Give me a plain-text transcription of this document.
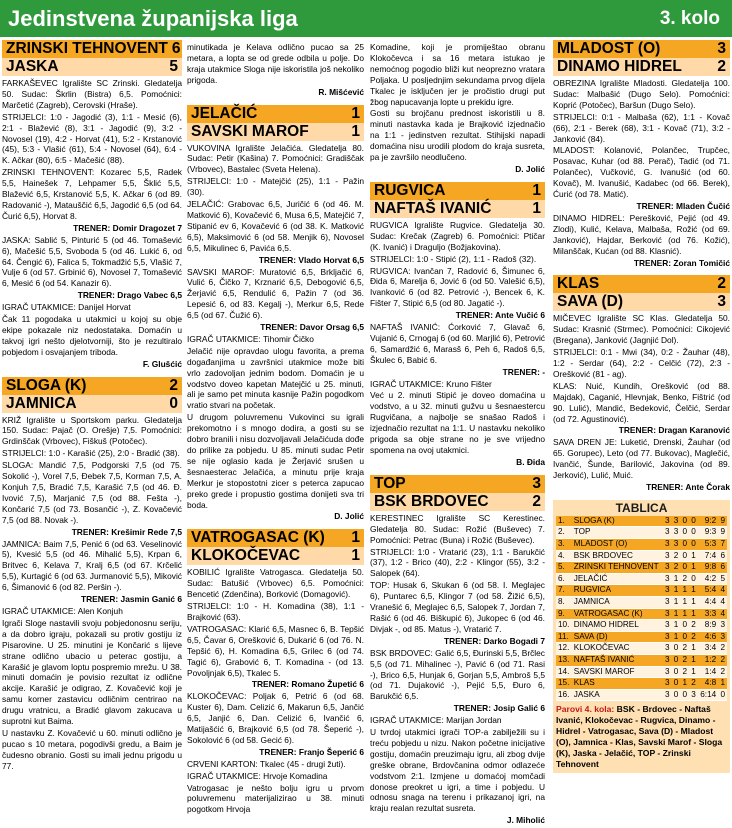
Jedinstvena županijska liga	3. kolo
ZRINSKI TEHNOVENT 6
JASKA	5

FARKAŠEVEC Igralište SC Zrinski. Gledatelja 50. Sudac: Škrlin (Bistra) 6,5. Pomoćnici: Marčetić (Zagreb), Cerovski (Hraše).

STRIJELCI: 1:0 - Jagodić (3), 1:1 - Mesić (6), 2:1 - Blažević (8), 3:1 - Jagodić (9), 3:2 - Novosel (19), 4:2 - Horvat (41), 5:2 - Krstanović (45), 5:3 - Vlašić (61), 5:4 - Novosel (64), 6:4 - K. Ačkar (80), 6:5 - Mačešić (88).

ZRINSKI TEHNOVENT: Kozarec 5,5, Radek 5,5, Hainešek 7, Lehpamer 5,5, Šklić 5,5, Blažević 6,5, Krstanović 5,5, K. Ačkar 6 (od 89. Radovanić -), Matauščić 6,5, Jagodić 6,5 (od 64. Čurić 6,5), Horvat 8.

TRENER: Domir Dragozet 7

JASKA: Sablić 5, Pinturić 5 (od 46. Tomašević 6), Mačešić 5,5, Svoboda 5 (od 46. Lukić 6, od 64. Čengić 6), Falica 5, Tokmadžić 5,5, Vlašić 7, Vulje 6 (od 57. Grbinić 6), Novosel 7, Tomašević 6, Mesić 6 (od 54. Kanazir 6).

TRENER: Drago Vabec 6,5

IGRAČ UTAKMICE: Danijel Horvat

Čak 11 pogodaka u utakmici u kojoj su obje ekipe pokazale niz nedostataka. Domaćin u takvoj igri nešto djelotvorniji, što je rezultiralo pobjedom i osvajanjem triboda.

F. Glušćić

SLOGA (K)	2
JAMNICA	0

KRIŽ Igralište u Sportskom parku. Gledatelja 150. Sudac: Pajač (O. Orešje) 7,5. Pomoćnici: Grdinščak (Vrbovec), Fiškuš (Potočec).

STRIJELCI: 1:0 - Karašić (25), 2:0 - Bradić (38).

SLOGA: Mandić 7,5, Podgorski 7,5 (od 75. Sokolić -), Vorel 7,5, Đebek 7,5, Korman 7,5, A. Konjuh 7,5, Bradić 7,5, Karašić 7,5 (od 46. Đ. Ivović 7,5), Marjanić 7,5 (od 88. Fešta -), Končarić 7,5 (od 73. Bosančić -), Z. Kovačević 7,5 (od 88. Novak -).

TRENER: Krešimir Rede 7,5

JAMNICA: Baim 7,5, Penić 6 (od 63. Veselinović 5), Kvesić 5,5 (od 46. Mihalić 5,5), Krpan 6, Britvec 6, Kelava 7, Kralj 6,5 (od 67. Krčelić 5,5), Kurtagić 6 (od 63. Jurmanović 5,5), Miković 6, Šimanović 6 (od 82. Peršin -).

TRENER: Jasmin Ganić 6

IGRAČ UTAKMICE: Alen Konjuh

Igrači Sloge nastavili svoju pobjedonosnu seriju, a da dobro igraju, pokazali su protiv gostiju iz Pisarovine. U 25. minutini je Končarić s lijeve strane odlično ubacio u peterac gostiju, a Karašić je glavom loptu pospremio mrežu. U 38. minuti domaćin je povisio rezultat iz odlične akcije. Karašić je odigrao, Z. Kovačević koji je samu korner zastavicu odličnim centrirao na drugu vratnicu, a Bradić glavom zakucava u suprotni kut Baima.

U nastavku Z. Kovačević u 60. minuti odlično je pucao s 10 metara, pogodivši gredu, a Baim je čudesno obranio. Gosti su imali jednu prigodu u 77.

minutikada je Kelava odlično pucao sa 25 metara, a lopta se od grede odbila u polje. Do kraja utakmice Sloga nije iskoristila još nekoliko prigoda.

R. Mišćević

JELAČIĆ	1
SAVSKI MAROF	1

VUKOVINA Igralište Jelačića. Gledatelja 80. Sudac: Petir (Kašina) 7. Pomoćnici: Gradiščak (Vrbovec), Bastalec (Sveta Helena).

STRIJELCI: 1:0 - Matejčić (25), 1:1 - Pažin (30).

JELAČIĆ: Grabovac 6,5, Juričić 6 (od 46. M. Matković 6), Kovačević 6, Musa 6,5, Matejčić 7, Stipanić ev 6, Kovačević 6 (od 38. K. Matković 6,5), Maksimović 6 (od 58. Menjik 6), Novosel 6,5, Mikulinec 6, Pavića 6,5.

TRENER: Vlado Horvat 6,5

SAVSKI MAROF: Muratović 6,5, Brkljačić 6, Vulić 6, Čičko 7, Krznarić 6,5, Debogović 6,5, Žerjavić 6,5, Rendulić 6, Pažin 7 (od 36. Lepesić 6, od 83. Kegalj -), Merkur 6,5, Rede 6,5 (od 67. Čužić 6).

TRENER: Davor Orsag 6,5

IGRAČ UTAKMICE: Tihomir Čičko

Jelačić nije opravdao ulogu favorita, a prema događanjima u završnici utakmice može biti vrlo zadovoljan jednim bodom. Domaćin je u vodstvo doveo kapetan Matejčić u 25. minuti, ali je samo pet minuta kasnije Pažin pogodkom vratio stvari na početak.

U drugom poluvremenu Vukovinci su igrali prekomotno i s mnogo dodira, a gosti su se dobro branili i nisu dozvoljavali Jelačićuda dođe do prilike za pobjedu. U 85. minuti sudac Petir se nije oglasio kada je Žerjavić srušen u šesnaesterac Jelačića, a minutu prije kraja Merkur je stopostotni zicer s peterca zapucao preko grede i propustio gostima donijeti sva tri boda.

D. Jolić

VATROGASAC (K) 1
KLOKOČEVAC	1

KOBILIĆ Igralište Vatrogasca. Gledatelja 50. Sudac: Batušić (Vrbovec) 6,5. Pomoćnici: Bencetić (Zdenčina), Borković (Domagović).

STRIJELCI: 1:0 - H. Komadina (38), 1:1 - Brajković (63).

VATROGASAC: Klarić 6,5, Masnec 6, B. Tepšić 6,5, Čavar 6, Orešković 6, Dukarić 6 (od 76. N. Tepšić 6), H. Komadina 6,5, Grilec 6 (od 74. Tagić 6), Grabović 6, T. Komadina - (od 13. Povoljnjak 6,5), Tkalec 5.

TRENER: Romano Župetić 6

KLOKOČEVAC: Poljak 6, Petrić 6 (od 68. Kuster 6), Dam. Celizić 6, Makarun 6,5, Jančić 6,5, Janjić 6, Dan. Celizić 6, Ivančić 6, Matijašćić 6, Brajković 6,5 (od 78. Šeperić -), Sokolović 6 (od 58. Gecić 6).

TRENER: Franjo Šeperić 6

CRVENI KARTON: Tkalec (45 - drugi žuti).

IGRAČ UTAKMICE: Hrvoje Komadina

Vatrogasac je nešto bolju igru u prvom poluvremenu materijalizirao u 38. minuti pogotkom Hrvoja

Komadine, koji je promiještao obranu Klokočevca i sa 16 metara istukao je nemoćnog pogodio bliži kut neoprezno vratara Poljaka. U posljednjim sekundama prvog dijela Tkalec je isključen jer je pročistio drugi put žbog napucavanja lopte u prekidu igre.

Gosti su brojčanu prednost iskoristili u 8. minuti nastavka kada je Brajković izjednačio na 1:1 - jedinstven rezultat. Stihijski napadi domaćina nisu urodili plodom do kraja susreta, pa je završilo neodlučeno.

D. Jolić

RUGVICA	1
NAFTAŠ IVANIĆ	1

RUGVICA Igralište Rugvice. Gledatelja 30. Sudac: Krečak (Zagreb) 6. Pomoćnici: Ptičar (K. Ivanić) i Draguljo (Božjakovina).

STRIJELCI: 1:0 - Stipić (2), 1:1 - Radoš (32).

RUGVICA: Ivančan 7, Radović 6, Šimunec 6, Đida 6, Marelja 6, Jović 6 (od 50. Valešić 6,5), Ivanković 6 (od 82. Petrović -), Bencek 6, K. Fišter 7, Stipić 6,5 (od 80. Jagatić -).

TRENER: Ante Vučić 6

NAFTAŠ IVANIĆ: Ćorković 7, Glavač 6, Vujanić 6, Crnogaj 6 (od 60. Marjlić 6), Petrović 6, Samardžić 6, Marasš 6, Peh 6, Radoš 6,5, Škulec 6, Babić 6.

TRENER: -

IGRAČ UTAKMICE: Kruno Fišter

Već u 2. minuti Stipić je doveo domaćina u vodstvo, a u 32. minuti gužvu u šesnaestercu Rugvičana, a najbolje se snašao Radoš i izjednačio rezultat na 1:1. U nastavku nekoliko prigoda sa obje strane no je sve vrijedno spomena na ovoj utakmici.

B. Đida

TOP	3
BSK BRDOVEC	2

KERESTINEC Igralište SC Kerestinec. Gledatelja 80. Sudac: Rožić (Buševec) 7. Pomoćnici: Petrac (Buna) i Rožić (Buševec).

STRIJELCI: 1:0 - Vratarić (23), 1:1 - Barukčić (37), 1:2 - Brico (40), 2:2 - Klingor (55), 3:2 - Salopek (64).

TOP: Husak 6, Skukan 6 (od 58. I. Meglajec 6), Puntarec 6,5, Klingor 7 (od 58. Žižić 6,5), Vranešić 6, Meglajec 6,5, Salopek 7, Jordan 7, Rašić 6 (od 46. Biškupić 6), Jukopec 6 (od 46. Divjak -, od 85. Matus -), Vratarić 7.

TRENER: Darko Bogadi 7

BSK BRDOVEC: Galić 6,5, Đurinski 5,5, Brčlec 5,5 (od 71. Mihalinec -), Pavić 6 (od 71. Rasi -), Brico 6,5, Hunjak 6, Gorjan 5,5, Ambroš 5,5 (od 71. Dujaković -), Pejić 5,5, Đuro 6, Barukčić 6,5.

TRENER: Josip Galić 6

IGRAČ UTAKMICE: Marijan Jordan

U tvrdoj utakmici igrači TOP-a zabilježili su i treću pobjedu u nizu. Nakon početne inicijative gostiju, domaćin preuzimaju igru, ali zbog dvije greške obrane, Brdovčanina odmor odlazeće vodstvom 2:1. Izmjene u domaćoj momčadi donose preokret u igri, a time i pobjedu. U odnosu snaga na terenu i prikazanoj igri, na kraju realan rezultat susreta.

J. Miholić

MLADOST (O)	3
DINAMO HIDREL 2

OBREZINA Igralište Mladosti. Gledatelja 100. Sudac: Malbašić (Dugo Selo). Pomoćnici: Koprić (Potočec), Baršun (Dugo Selo).

STRIJELCI: 0:1 - Malbaša (62), 1:1 - Kovač (66), 2:1 - Berek (68), 3:1 - Kovač (71), 3:2 - Janković (84).

MLADOST: Kolanović, Polančec, Trupčec, Posavac, Kuhar (od 88. Perač), Tadić (od 71. Polančec), Vučković, G. Ivanušić (od 60. Kovač), M. Ivanušić, Kadabec (od 66. Berek), Ćurić (od 78. Matić).

TRENER: Mladen Čučić

DINAMO HIDREL: Perešković, Pejić (od 49. Zlodi), Kulić, Kelava, Malbaša, Rožić (od 69. Janković), Hajdar, Berković (od 76. Kožić), Milanščak, Kućan (od 88. Klasnić).

TRENER: Zoran Tomičić

KLAS	2
SAVA (D)	3

MIČEVEC Igralište SC Klas. Gledatelja 50. Sudac: Krasnić (Strmec). Pomoćnici: Cikojević (Bregana), Janković (Jagnjić Dol).

STRIJELCI: 0:1 - Mwi (34), 0:2 - Žauhar (48), 1:2 - Serdar (64), 2:2 - Celčić (72), 2:3 - Orešković (81 - ag).

KLAS: Nuić, Kundih, Orešković (od 88. Majdak), Caganić, Hlevnjak, Benko, Fištrić (od 90. Lulić), Mandić, Bedeković, Čelčić, Serdar (od 72. Agustinović).

TRENER: Dragan Karanović

SAVA DREN JE: Luketić, Drenski, Žauhar (od 65. Gorupec), Leto (od 77. Bukovac), Maglečić, Ivančić, Šunde, Barilović, Jakovina (od 89. Jerković), Lulić, Muić.

TRENER: Ante Čorak

TABLICA
1.	SLOGA (K)	3	3	0	0	9:2	9
2.	TOP	3	3	0	0	9:3	9
3.	MLADOST (O)	3	3	0	0	5:3	7
4.	BSK BRDOVEC	3	2	0	1	7:4	6
5.	ZRINSKI TEHNOVENT	3	2	0	1	9:8	6
6.	JELAČIĆ	3	1	2	0	4:2	5
7.	RUGVICA	3	1	1	1	5:4	4
8.	JAMNICA	3	1	1	1	4:4	4
9.	VATROGASAC (K)	3	1	1	1	3:3	4
10.	DINAMO HIDREL	3	1	0	2	8:9	3
11.	SAVA (D)	3	1	0	2	4:6	3
12.	KLOKOČEVAC	3	0	2	1	3:4	2
13.	NAFTAŠ IVANIĆ	3	0	2	1	1:2	2
14.	SAVSKI MAROF	3	0	2	1	1:4	2
15.	KLAS	3	0	1	2	4:8	1
16.	JASKA	3	0	0	3	6:14	0
Parovi 4. kola: BSK - Brdovec - Naftaš Ivanić, Klokočevac - Rugvica, Dinamo - Hidrel - Vatrogasac, Sava (D) - Mladost (O), Jamnica - Klas, Savski Marof - Sloga (K), Jaska - Jelačić, TOP - Zrinski Tehnovent
